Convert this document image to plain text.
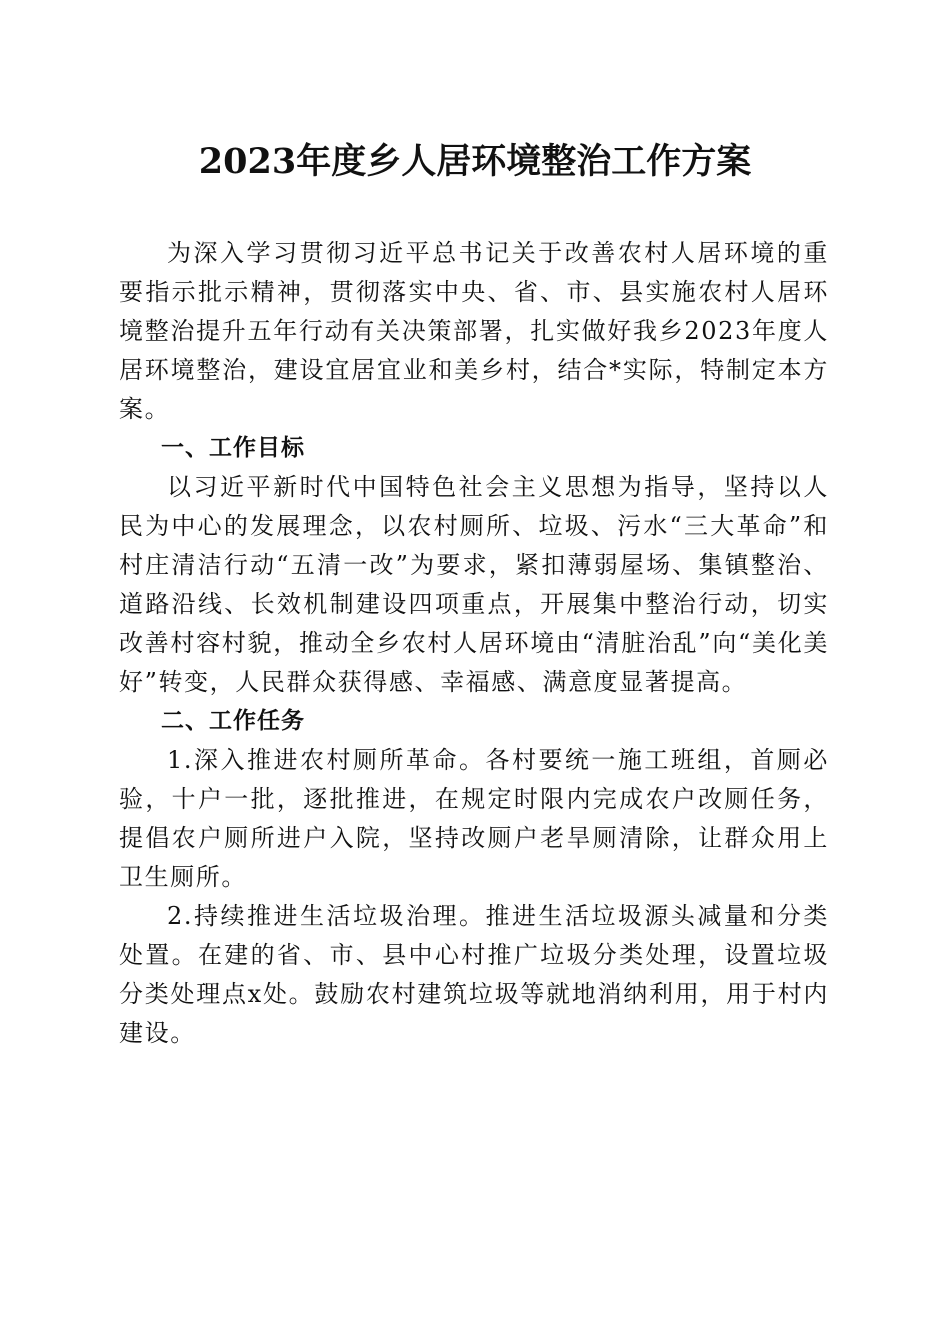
2023年度乡人居环境整治工作方案

为深入学习贯彻习近平总书记关于改善农村人居环境的重要指示批示精神，贯彻落实中央、省、市、县实施农村人居环境整治提升五年行动有关决策部署，扎实做好我乡2023年度人居环境整治，建设宜居宜业和美乡村，结合*实际，特制定本方案。

一、工作目标

以习近平新时代中国特色社会主义思想为指导，坚持以人民为中心的发展理念，以农村厕所、垃圾、污水“三大革命”和村庄清洁行动“五清一改”为要求，紧扣薄弱屋场、集镇整治、道路沿线、长效机制建设四项重点，开展集中整治行动，切实改善村容村貌，推动全乡农村人居环境由“清脏治乱”向“美化美好”转变，人民群众获得感、幸福感、满意度显著提高。

二、工作任务

1.深入推进农村厕所革命。各村要统一施工班组，首厕必验，十户一批，逐批推进，在规定时限内完成农户改厕任务，提倡农户厕所进户入院，坚持改厕户老旱厕清除，让群众用上卫生厕所。

2.持续推进生活垃圾治理。推进生活垃圾源头减量和分类处置。在建的省、市、县中心村推广垃圾分类处理，设置垃圾分类处理点x处。鼓励农村建筑垃圾等就地消纳利用，用于村内建设。
